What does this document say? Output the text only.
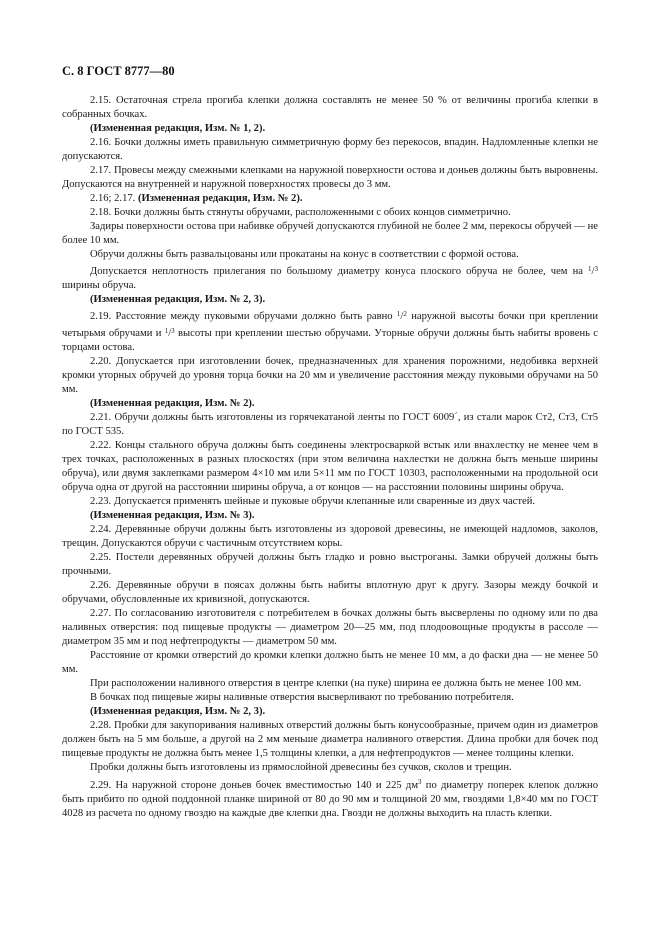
С. 8 ГОСТ 8777—80

2.15. Остаточная стрела прогиба клепки должна составлять не менее 50 % от величины прогиба клепки в собранных бочках.

(Измененная редакция, Изм. № 1, 2).

2.16. Бочки должны иметь правильную симметричную форму без перекосов, впадин. Надломленные клепки не допускаются.

2.17. Провесы между смежными клепками на наружной поверхности остова и доньев должны быть выровнены. Допускаются на внутренней и наружной поверхностях провесы до 3 мм.

2.16; 2.17. (Измененная редакция, Изм. № 2).

2.18. Бочки должны быть стянуты обручами, расположенными с обоих концов симметрично.

Задиры поверхности остова при набивке обручей допускаются глубиной не более 2 мм, перекосы обручей — не более 10 мм.

Обручи должны быть развальцованы или прокатаны на конус в соответствии с формой остова.

Допускается неплотность прилегания по большому диаметру конуса плоского обруча не более, чем на $^1$/$^3$ ширины обруча.

(Измененная редакция, Изм. № 2, 3).

2.19. Расстояние между пуковыми обручами должно быть равно $^1$/$^2$ наружной высоты бочки при креплении четырьмя обручами и $^1$/$^3$ высоты при креплении шестью обручами. Уторные обручи должны быть набиты вровень с торцами остова.

2.20. Допускается при изготовлении бочек, предназначенных для хранения порожними, недобивка верхней кромки уторных обручей до уровня торца бочки на 20 мм и увеличение расстояния между пуковыми обручами на 50 мм.

(Измененная редакция, Изм. № 2).

2.21. Обручи должны быть изготовлены из горячекатаной ленты по ГОСТ 6009´, из стали марок Ст2, Ст3, Ст5 по ГОСТ 535.

2.22. Концы стального обруча должны быть соединены электросваркой встык или внахлестку не менее чем в трех точках, расположенных в разных плоскостях (при этом величина нахлестки не должна быть меньше ширины обруча), или двумя заклепками размером 4×10 мм или 5×11 мм по ГОСТ 10303, расположенными на продольной оси обруча одна от другой на расстоянии ширины обруча, а от концов — на расстоянии половины ширины обруча.

2.23. Допускается применять шейные и пуковые обручи клепанные или сваренные из двух частей.

(Измененная редакция, Изм. № 3).

2.24. Деревянные обручи должны быть изготовлены из здоровой древесины, не имеющей надломов, заколов, трещин. Допускаются обручи с частичным отсутствием коры.

2.25. Постели деревянных обручей должны быть гладко и ровно выстроганы. Замки обручей должны быть прочными.

2.26. Деревянные обручи в поясах должны быть набиты вплотную друг к другу. Зазоры между бочкой и обручами, обусловленные их кривизной, допускаются.

2.27. По согласованию изготовителя с потребителем в бочках должны быть высверлены по одному или по два наливных отверстия: под пищевые продукты — диаметром 20—25 мм, под плодоовощные продукты в рассоле — диаметром 35 мм и под нефтепродукты — диаметром 50 мм.

Расстояние от кромки отверстий до кромки клепки должно быть не менее 10 мм, а до фаски дна — не менее 50 мм.

При расположении наливного отверстия в центре клепки (на пуке) ширина ее должна быть не менее 100 мм.

В бочках под пищевые жиры наливные отверстия высверливают по требованию потребителя.

(Измененная редакция, Изм. № 2, 3).

2.28. Пробки для закупоривания наливных отверстий должны быть конусообразные, причем один из диаметров должен быть на 5 мм больше, а другой на 2 мм меньше диаметра наливного отверстия. Длина пробки для бочек под пищевые продукты не должна быть менее 1,5 толщины клепки, а для нефтепродуктов — менее толщины клепки.

Пробки должны быть изготовлены из прямослойной древесины без сучков, сколов и трещин.

2.29. На наружной стороне доньев бочек вместимостью 140 и 225 $дм^3$ по диаметру поперек клепок должно быть прибито по одной поддонной планке шириной от 80 до 90 мм и толщиной 20 мм, гвоздями 1,8×40 мм по ГОСТ 4028 из расчета по одному гвоздю на каждые две клепки дна. Гвозди не должны выходить на пласть клепки.
